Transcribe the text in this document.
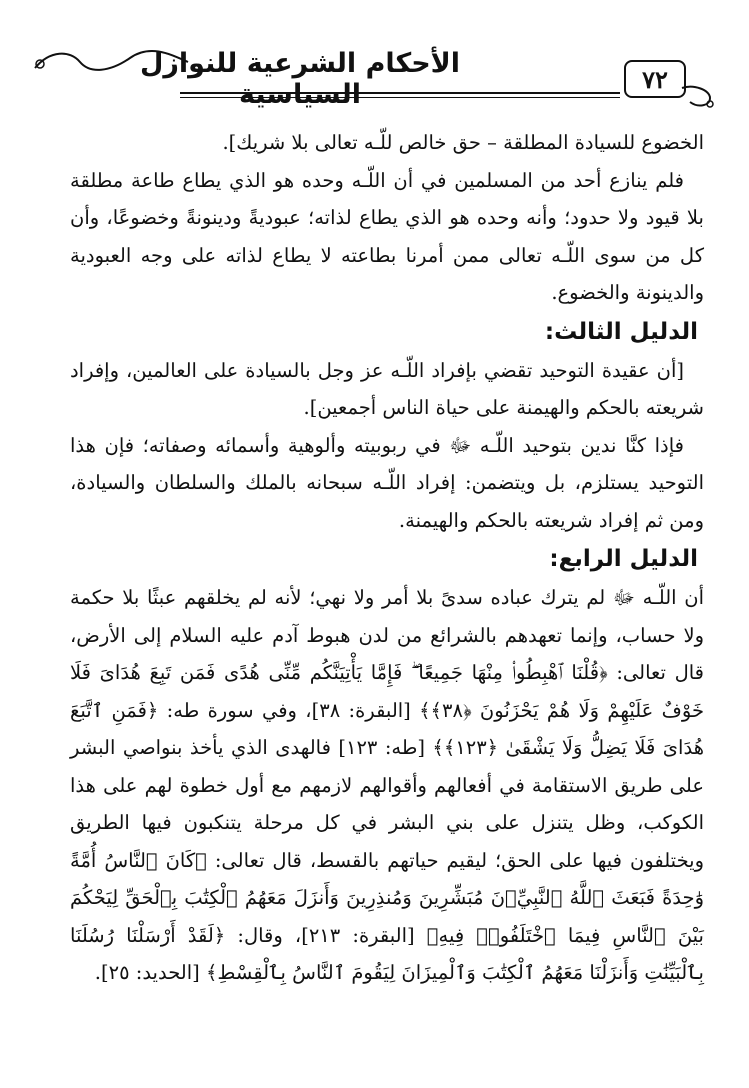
الأحكام الشرعية للنوازل السياسية	٧٢

الخضوع للسيادة المطلقة – حق خالص للّـه تعالى بلا شريك].

فلم ينازع أحد من المسلمين في أن اللّـه وحده هو الذي يطاع طاعة مطلقة بلا قيود ولا حدود؛ وأنه وحده هو الذي يطاع لذاته؛ عبوديةً ودينونةً وخضوعًا، وأن كل من سوى اللّـه تعالى ممن أمرنا بطاعته لا يطاع لذاته على وجه العبودية والدينونة والخضوع.

الدليل الثالث:

[أن عقيدة التوحيد تقضي بإفراد اللّـه عز وجل بالسيادة على العالمين، وإفراد شريعته بالحكم والهيمنة على حياة الناس أجمعين].

فإذا كنَّا ندين بتوحيد اللّـه ﷻ في ربوبيته وألوهية وأسمائه وصفاته؛ فإن هذا التوحيد يستلزم، بل ويتضمن: إفراد اللّـه سبحانه بالملك والسلطان والسيادة، ومن ثم إفراد شريعته بالحكم والهيمنة.

الدليل الرابع:

أن اللّـه ﷻ لم يترك عباده سدىً بلا أمر ولا نهي؛ لأنه لم يخلقهم عبثًا بلا حكمة ولا حساب، وإنما تعهدهم بالشرائع من لدن هبوط آدم عليه السلام إلى الأرض، قال تعالى: ﴿قُلْنَا ٱهْبِطُوا۟ مِنْهَا جَمِيعًا ۖ فَإِمَّا يَأْتِيَنَّكُم مِّنِّى هُدًى فَمَن تَبِعَ هُدَاىَ فَلَا خَوْفٌ عَلَيْهِمْ وَلَا هُمْ يَحْزَنُونَ ﴿٣٨﴾﴾ [البقرة: ٣٨]، وفي سورة طه: ﴿فَمَنِ ٱتَّبَعَ هُدَاىَ فَلَا يَضِلُّ وَلَا يَشْقَىٰ ﴿١٢٣﴾﴾ [طه: ١٢٣] فالهدى الذي يأخذ بنواصي البشر على طريق الاستقامة في أفعالهم وأقوالهم لازمهم مع أول خطوة لهم على هذا الكوكب، وظل يتنزل على بني البشر في كل مرحلة يتنكبون فيها الطريق ويختلفون فيها على الحق؛ ليقيم حياتهم بالقسط، قال تعالى: ﴿كَانَ ٱلنَّاسُ أُمَّةً وَٰحِدَةً فَبَعَثَ ٱللَّهُ ٱلنَّبِيِّۦنَ مُبَشِّرِينَ وَمُنذِرِينَ وَأَنزَلَ مَعَهُمُ ٱلْكِتَٰبَ بِٱلْحَقِّ لِيَحْكُمَ بَيْنَ ٱلنَّاسِ فِيمَا ٱخْتَلَفُوا۟ فِيهِ﴾ [البقرة: ٢١٣]، وقال: ﴿لَقَدْ أَرْسَلْنَا رُسُلَنَا بِٱلْبَيِّنَٰتِ وَأَنزَلْنَا مَعَهُمُ ٱلْكِتَٰبَ وَٱلْمِيزَانَ لِيَقُومَ ٱلنَّاسُ بِٱلْقِسْطِ﴾ [الحديد: ٢٥].
